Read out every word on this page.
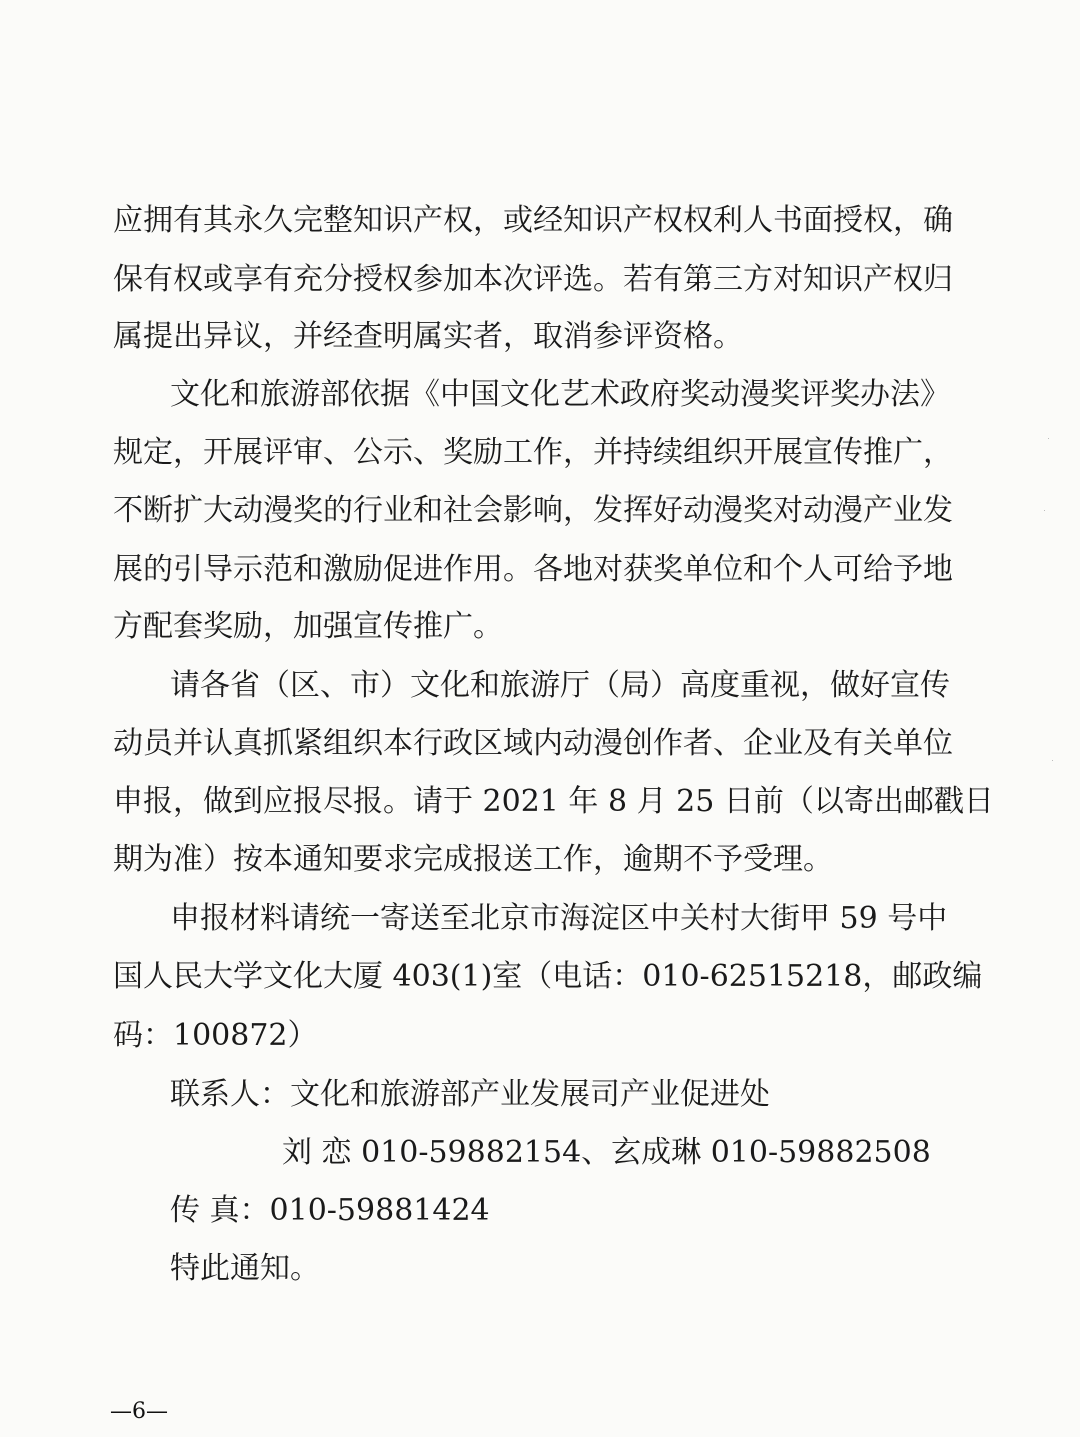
应拥有其永久完整知识产权，或经知识产权权利人书面授权，确
保有权或享有充分授权参加本次评选。若有第三方对知识产权归
属提出异议，并经查明属实者，取消参评资格。
文化和旅游部依据《中国文化艺术政府奖动漫奖评奖办法》
规定，开展评审、公示、奖励工作，并持续组织开展宣传推广，
不断扩大动漫奖的行业和社会影响，发挥好动漫奖对动漫产业发
展的引导示范和激励促进作用。各地对获奖单位和个人可给予地
方配套奖励，加强宣传推广。
请各省（区、市）文化和旅游厅（局）高度重视，做好宣传
动员并认真抓紧组织本行政区域内动漫创作者、企业及有关单位
申报，做到应报尽报。请于 2021 年 8 月 25 日前（以寄出邮戳日
期为准）按本通知要求完成报送工作，逾期不予受理。
申报材料请统一寄送至北京市海淀区中关村大街甲 59 号中
国人民大学文化大厦 403(1)室（电话：010-62515218，邮政编
码：100872）
联系人：文化和旅游部产业发展司产业促进处
刘 恋 010-59882154、玄成琳 010-59882508
传 真：010-59881424
特此通知。
—6—
